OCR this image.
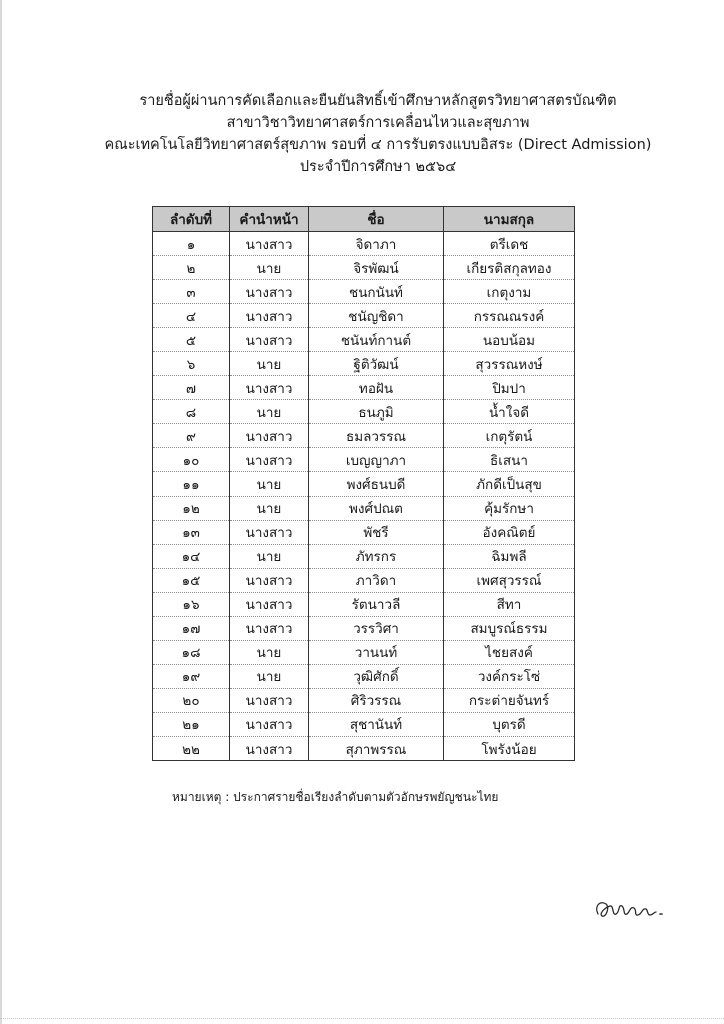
รายชื่อผู้ผ่านการคัดเลือกและยืนยันสิทธิ์เข้าศึกษาหลักสูตรวิทยาศาสตรบัณฑิต
สาขาวิชาวิทยาศาสตร์การเคลื่อนไหวและสุขภาพ
คณะเทคโนโลยีวิทยาศาสตร์สุขภาพ รอบที่ ๔ การรับตรงแบบอิสระ (Direct Admission)
ประจำปีการศึกษา ๒๕๖๔
ลำดับที่	คำนำหน้า	ชื่อ	นามสกุล
๑	นางสาว	จิดาภา	ตรีเดช
๒	นาย	จิรพัฒน์	เกียรติสกุลทอง
๓	นางสาว	ชนกนันท์	เกตุงาม
๔	นางสาว	ชนัญชิดา	กรรณณรงค์
๕	นางสาว	ชนันท์กานต์	นอบน้อม
๖	นาย	ฐิติวัฒน์	สุวรรณหงษ์
๗	นางสาว	ทอฝัน	ปิมปา
๘	นาย	ธนภูมิ	น้ำใจดี
๙	นางสาว	ธมลวรรณ	เกตุรัตน์
๑๐	นางสาว	เบญญาภา	ธิเสนา
๑๑	นาย	พงศ์ธนบดี	ภักดีเป็นสุข
๑๒	นาย	พงศ์ปณต	คุ้มรักษา
๑๓	นางสาว	พัชรี	อังคณิตย์
๑๔	นาย	ภัทรกร	ฉิมพลี
๑๕	นางสาว	ภาวิดา	เพศสุวรรณ์
๑๖	นางสาว	รัตนาวลี	สีทา
๑๗	นางสาว	วรรวิศา	สมบูรณ์ธรรม
๑๘	นาย	วานนท์	ไชยสงค์
๑๙	นาย	วุฒิศักดิ์	วงค์กระโซ่
๒๐	นางสาว	ศิริวรรณ	กระต่ายจันทร์
๒๑	นางสาว	สุชานันท์	บุตรดี
๒๒	นางสาว	สุภาพรรณ	โพรังน้อย
หมายเหตุ : ประกาศรายชื่อเรียงลำดับตามตัวอักษรพยัญชนะไทย
